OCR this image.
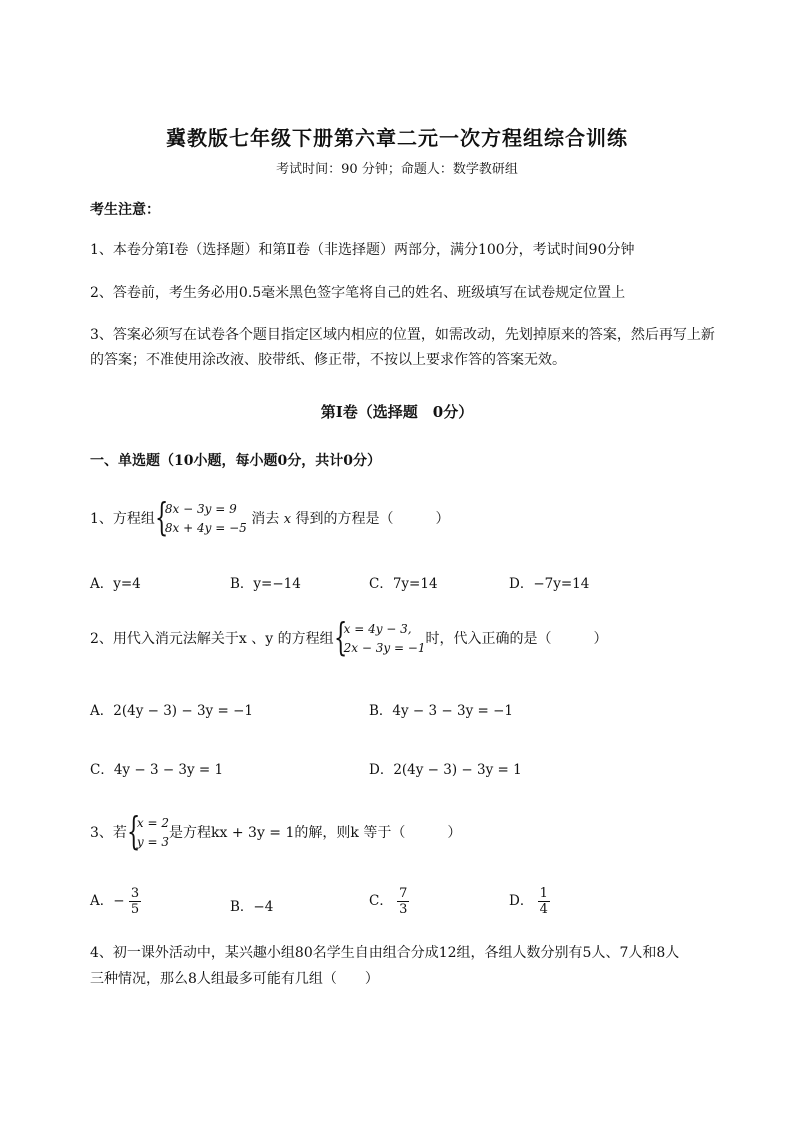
冀教版七年级下册第六章二元一次方程组综合训练
考试时间：90 分钟；命题人：数学教研组
考生注意：
1、本卷分第Ⅰ卷（选择题）和第Ⅱ卷（非选择题）两部分，满分100分，考试时间90分钟
2、答卷前，考生务必用0.5毫米黑色签字笔将自己的姓名、班级填写在试卷规定位置上
3、答案必须写在试卷各个题目指定区域内相应的位置，如需改动，先划掉原来的答案，然后再写上新
的答案；不准使用涂改液、胶带纸、修正带，不按以上要求作答的答案无效。
第Ⅰ卷（选择题　0分）
一、单选题（10小题，每小题0分，共计0分）
1、方程组 {
8x − 3y = 9
8x + 4y = −5
消去 x 得到的方程是（　　　）
A．y=4	B．y=−14	C．7y=14	D．−7y=14
2、用代入消元法解关于x 、y 的方程组 {
x = 4y − 3,
2x − 3y = −1
时，代入正确的是（　　　）
A．2(4y − 3) − 3y = −1	B．4y − 3 − 3y = −1
C．4y − 3 − 3y = 1	D．2(4y − 3) − 3y = 1
3、若 {
x = 2
y = 3
是方程kx + 3y = 1的解，则k 等于（　　　）
A．− $\frac{3}{5}$	B．−4	C． $\frac{7}{3}$	D． $\frac{1}{4}$
4、初一课外活动中，某兴趣小组80名学生自由组合分成12组，各组人数分别有5人、7人和8人
三种情况，那么8人组最多可能有几组（　　）
